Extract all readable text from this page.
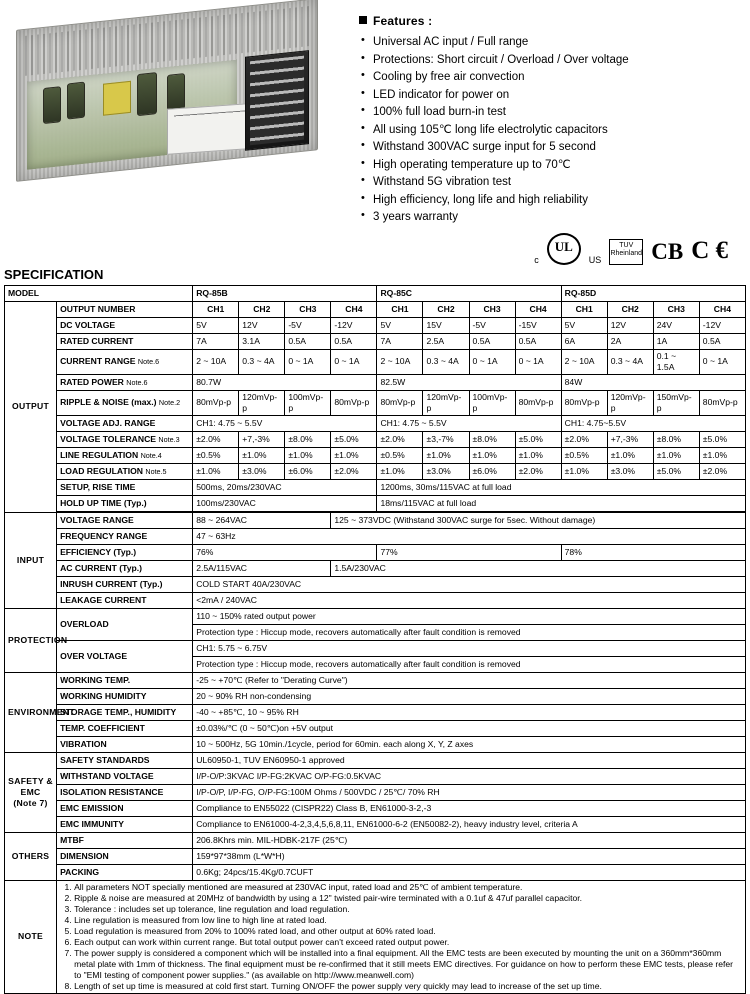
Features :
• Universal AC input / Full range
• Protections: Short circuit / Overload / Over voltage
• Cooling by free air convection
• LED indicator for power on
• 100% full load burn-in test
• All using 105℃ long life electrolytic capacitors
• Withstand 300VAC surge input for 5 second
• High operating temperature up to 70℃
• Withstand 5G vibration test
• High efficiency, long life and high reliability
• 3 years warranty
c
UL
US
TUV
Rheinland CB C €
SPECIFICATION
MODEL		RQ-85B				RQ-85C				RQ-85D			
OUTPUT	OUTPUT NUMBER	CH1	CH2	CH3	CH4	CH1	CH2	CH3	CH4	CH1	CH2	CH3	CH4
	DC VOLTAGE	5V	12V	-5V	-12V	5V	15V	-5V	-15V	5V	12V	24V	-12V
	RATED CURRENT	7A	3.1A	0.5A	0.5A	7A	2.5A	0.5A	0.5A	6A	2A	1A	0.5A
	CURRENT RANGE Note.6	2 ~ 10A	0.3 ~ 4A	0 ~ 1A	0 ~ 1A	2 ~ 10A	0.3 ~ 4A	0 ~ 1A	0 ~ 1A	2 ~ 10A	0.3 ~ 4A	0.1 ~ 1.5A	0 ~ 1A
	RATED POWER Note.6	80.7W				82.5W				84W			
	RIPPLE & NOISE (max.) Note.2	80mVp-p	120mVp-p	100mVp-p	80mVp-p	80mVp-p	120mVp-p	100mVp-p	80mVp-p	80mVp-p	120mVp-p	150mVp-p	80mVp-p
	VOLTAGE ADJ. RANGE	CH1: 4.75 ~ 5.5V				CH1: 4.75 ~ 5.5V				CH1: 4.75~5.5V			
	VOLTAGE TOLERANCE Note.3	±2.0%	+7,-3%	±8.0%	±5.0%	±2.0%	±3,-7%	±8.0%	±5.0%	±2.0%	+7,-3%	±8.0%	±5.0%
	LINE REGULATION Note.4	±0.5%	±1.0%	±1.0%	±1.0%	±0.5%	±1.0%	±1.0%	±1.0%	±0.5%	±1.0%	±1.0%	±1.0%
	LOAD REGULATION Note.5	±1.0%	±3.0%	±6.0%	±2.0%	±1.0%	±3.0%	±6.0%	±2.0%	±1.0%	±3.0%	±5.0%	±2.0%
	SETUP, RISE TIME	500ms, 20ms/230VAC				1200ms, 30ms/115VAC at full load							
	HOLD UP TIME (Typ.)	100ms/230VAC				18ms/115VAC at full load							

INPUT	VOLTAGE RANGE	88 ~ 264VAC			125 ~ 373VDC (Withstand 300VAC surge for 5sec. Without damage)								
	FREQUENCY RANGE	47 ~ 63Hz											
	EFFICIENCY (Typ.)	76%				77%				78%			
	AC CURRENT (Typ.)	2.5A/115VAC			1.5A/230VAC								
	INRUSH CURRENT (Typ.)	COLD START 40A/230VAC											
	LEAKAGE CURRENT	<2mA / 240VAC											
PROTECTION	OVERLOAD	110 ~ 150% rated output power											
		Protection type : Hiccup mode, recovers automatically after fault condition is removed											
	OVER VOLTAGE	CH1: 5.75 ~ 6.75V											
		Protection type : Hiccup mode, recovers automatically after fault condition is removed											
ENVIRONMENT	WORKING TEMP.	-25 ~ +70℃ (Refer to "Derating Curve")											
	WORKING HUMIDITY	20 ~ 90% RH non-condensing											
	STORAGE TEMP., HUMIDITY	-40 ~ +85℃, 10 ~ 95% RH											
	TEMP. COEFFICIENT	±0.03%/℃ (0 ~ 50℃)on +5V output											
	VIBRATION	10 ~ 500Hz, 5G 10min./1cycle, period for 60min. each along X, Y, Z axes											
SAFETY &
EMC
(Note 7)	SAFETY STANDARDS	UL60950-1, TUV EN60950-1 approved											
	WITHSTAND VOLTAGE	I/P-O/P:3KVAC I/P-FG:2KVAC O/P-FG:0.5KVAC											
	ISOLATION RESISTANCE	I/P-O/P, I/P-FG, O/P-FG:100M Ohms / 500VDC / 25℃/ 70% RH											
	EMC EMISSION	Compliance to EN55022 (CISPR22) Class B, EN61000-3-2,-3											
	EMC IMMUNITY	Compliance to EN61000-4-2,3,4,5,6,8,11, EN61000-6-2 (EN50082-2), heavy industry level, criteria A											
OTHERS	MTBF	206.8Khrs min. MIL-HDBK-217F (25℃)											
	DIMENSION	159*97*38mm (L*W*H)											
	PACKING	0.6Kg; 24pcs/15.4Kg/0.7CUFT											
NOTE	
1. All parameters NOT specially mentioned are measured at 230VAC input, rated load and 25℃ of ambient temperature.
2. Ripple & noise are measured at 20MHz of bandwidth by using a 12" twisted pair-wire terminated with a 0.1uf & 47uf parallel capacitor.
3. Tolerance : includes set up tolerance, line regulation and load regulation.
4. Line regulation is measured from low line to high line at rated load.
5. Load regulation is measured from 20% to 100% rated load, and other output at 60% rated load.
6. Each output can work within current range. But total output power can't exceed rated output power.
7. The power supply is considered a component which will be installed into a final equipment. All the EMC tests are been executed by mounting the unit on a 360mm*360mm metal plate with 1mm of thickness. The final equipment must be re-confirmed that it still meets EMC directives. For guidance on how to perform these EMC tests, please refer to "EMI testing of component power supplies." (as available on http://www.meanwell.com)
8. Length of set up time is measured at cold first start. Turning ON/OFF the power supply very quickly may lead to increase of the set up time.
